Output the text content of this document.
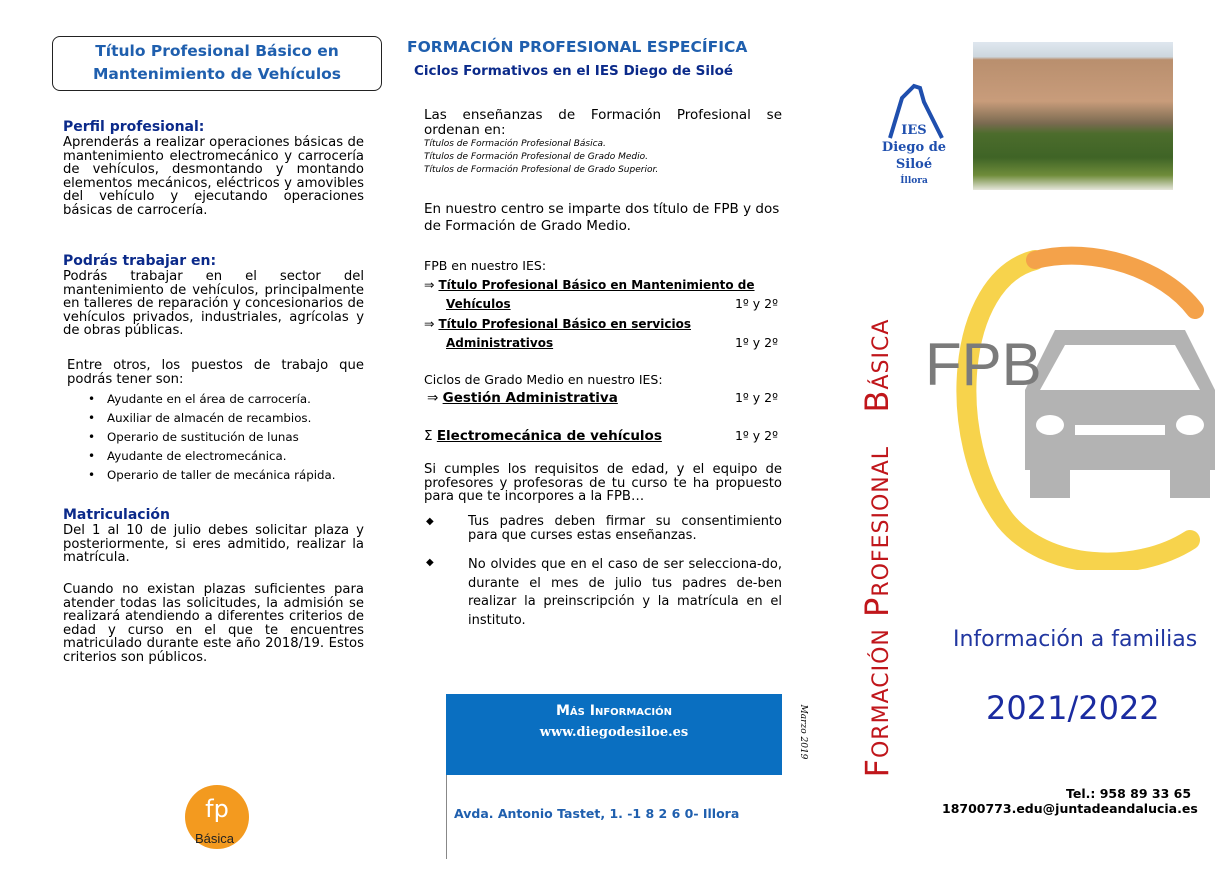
Título Profesional Básico en
Mantenimiento de Vehículos
Perfil profesional:
Aprenderás a realizar operaciones básicas de mantenimiento electromecánico y carrocería de vehículos, desmontando y montando elementos mecánicos, eléctricos y amovibles del vehículo y ejecutando operaciones básicas de carrocería.
Podrás trabajar en:
Podrás trabajar en el sector del mantenimiento de vehículos, principalmente en talleres de reparación y concesionarios de vehículos privados, industriales, agrícolas y de obras públicas.
Entre otros, los puestos de trabajo que podrás tener son:
• Ayudante en el área de carrocería.
• Auxiliar de almacén de recambios.
• Operario de sustitución de lunas
• Ayudante de electromecánica.
• Operario de taller de mecánica rápida.
Matriculación
Del 1 al 10 de julio debes solicitar plaza y posteriormente, si eres admitido, realizar la matrícula.
Cuando no existan plazas suficientes para atender todas las solicitudes, la admisión se realizará atendiendo a diferentes criterios de edad y curso en el que te encuentres matriculado durante este año 2018/19. Estos criterios son públicos.
fp
Básica
FORMACIÓN PROFESIONAL ESPECÍFICA
Ciclos Formativos en el IES Diego de Siloé

Las enseñanzas de Formación Profesional se ordenan en:

Títulos de Formación Profesional Básica.
Títulos de Formación Profesional de Grado Medio.
Títulos de Formación Profesional de Grado Superior.
En nuestro centro se imparte dos título de FPB y dos de Formación de Grado Medio.
FPB en nuestro IES:
⇒ Título Profesional Básico en Mantenimiento de
Vehículos	1º y 2º
⇒ Título Profesional Básico en servicios
Administrativos	1º y 2º
Ciclos de Grado Medio en nuestro IES:
⇒ Gestión Administrativa	1º y 2º
Σ Electromecánica de vehículos	1º y 2º
Si cumples los requisitos de edad, y el equipo de profesores y profesoras de tu curso te ha propuesto para que te incorpores a la FPB…
◆	Tus padres deben firmar su consentimiento para que curses estas enseñanzas.
◆	No olvides que en el caso de ser selecciona-do, durante el mes de julio tus padres de-ben realizar la preinscripción y la matrícula en el instituto.
Más Información
www.diegodesiloe.es
Avda. Antonio Tastet, 1. -1 8 2 6 0- Illora
Marzo 2019
IES
Diego de Siloé
Íllora
Formación Profesional   Básica FPB
Información a familias
2021/2022
Tel.: 958 89 33 65
18700773.edu@juntadeandalucia.es
